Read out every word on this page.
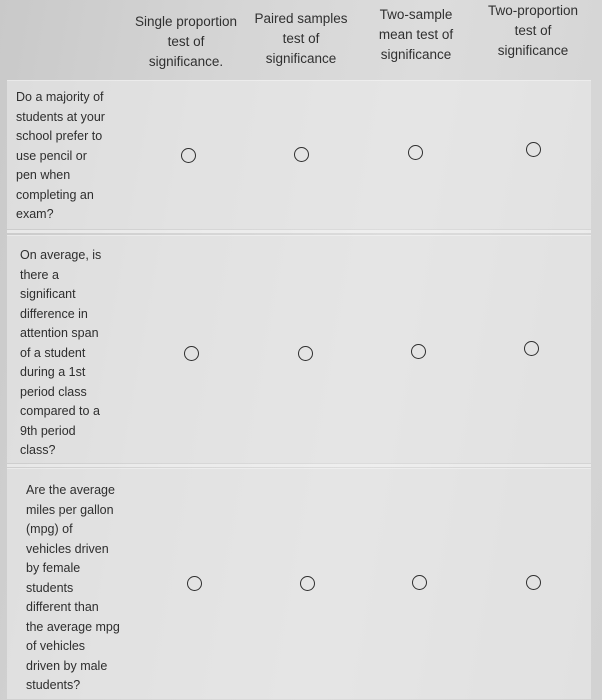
Single proportion
test of
significance.
Paired samples
test of
significance
Two-sample
mean test of
significance
Two-proportion
test of
significance
Do a majority of
students at your
school prefer to
use pencil or
pen when
completing an
exam?
On average, is
there a
significant
difference in
attention span
of a student
during a 1st
period class
compared to a
9th period
class?
Are the average
miles per gallon
(mpg) of
vehicles driven
by female
students
different than
the average mpg
of vehicles
driven by male
students?
